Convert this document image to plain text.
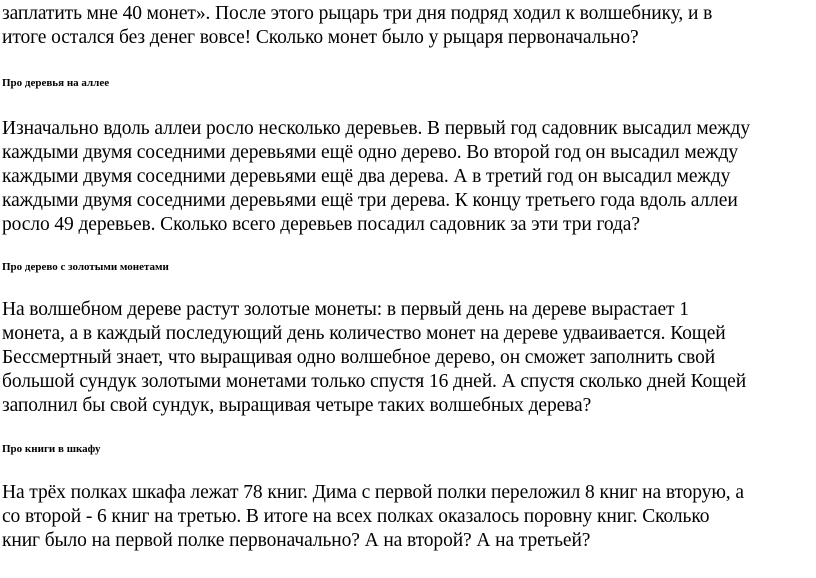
заплатить мне 40 монет». После этого рыцарь три дня подряд ходил к волшебнику, и в
итоге остался без денег вовсе! Сколько монет было у рыцаря первоначально?

Про деревья на аллее

Изначально вдоль аллеи росло несколько деревьев. В первый год садовник высадил между
каждыми двумя соседними деревьями ещё одно дерево. Во второй год он высадил между
каждыми двумя соседними деревьями ещё два дерева. А в третий год он высадил между
каждыми двумя соседними деревьями ещё три дерева. К концу третьего года вдоль аллеи
росло 49 деревьев. Сколько всего деревьев посадил садовник за эти три года?

Про дерево с золотыми монетами

На волшебном дереве растут золотые монеты: в первый день на дереве вырастает 1
монета, а в каждый последующий день количество монет на дереве удваивается. Кощей
Бессмертный знает, что выращивая одно волшебное дерево, он сможет заполнить свой
большой сундук золотыми монетами только спустя 16 дней. А спустя сколько дней Кощей
заполнил бы свой сундук, выращивая четыре таких волшебных дерева?

Про книги в шкафу

На трёх полках шкафа лежат 78 книг. Дима с первой полки переложил 8 книг на вторую, а
со второй - 6 книг на третью. В итоге на всех полках оказалось поровну книг. Сколько
книг было на первой полке первоначально? А на второй? А на третьей?
